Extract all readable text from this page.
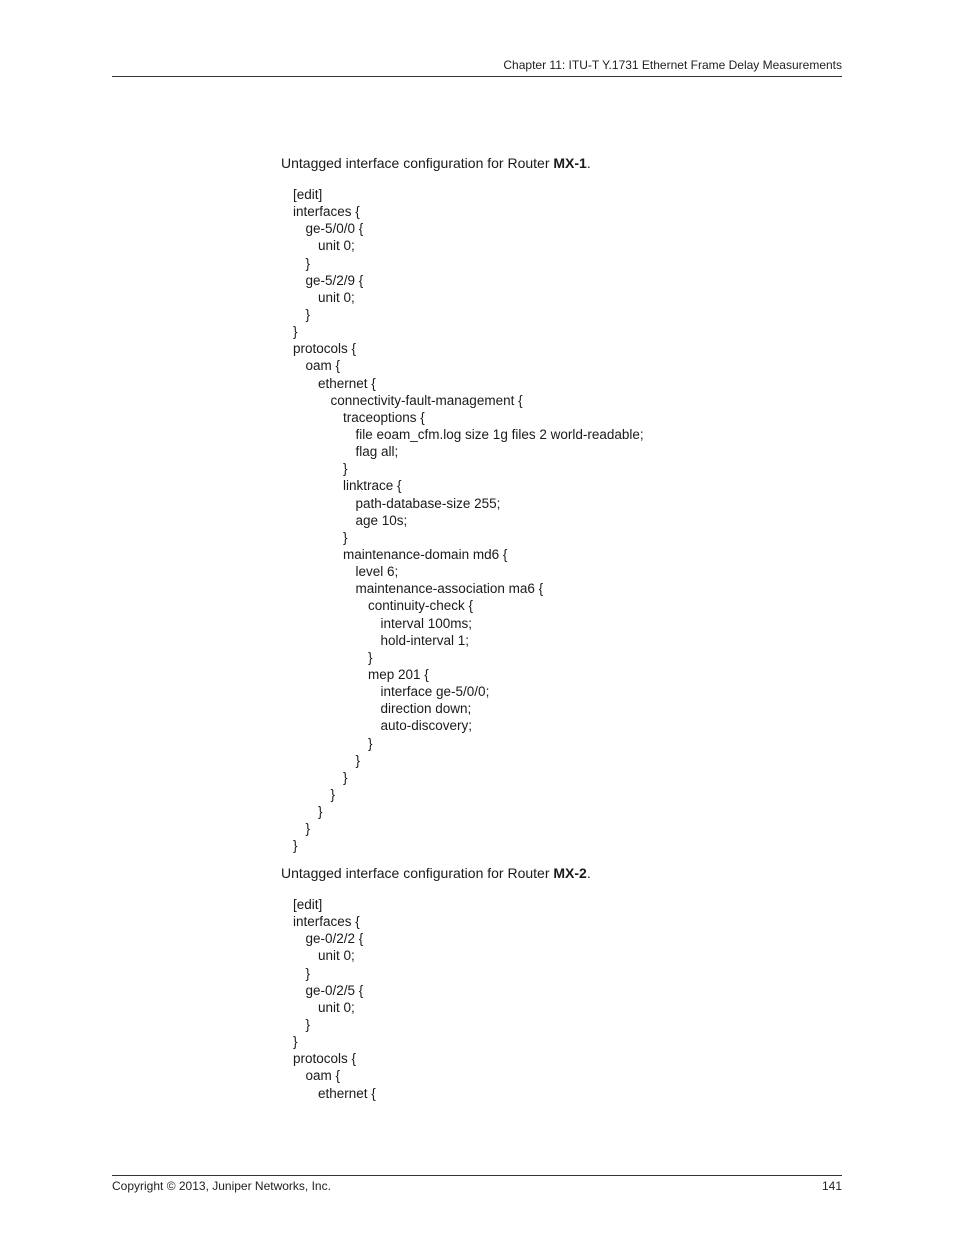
Chapter 11: ITU-T Y.1731 Ethernet Frame Delay Measurements

Untagged interface configuration for Router MX-1.

[edit]
interfaces {
ge-5/0/0 {
unit 0;
}
ge-5/2/9 {
unit 0;
}
}
protocols {
oam {
ethernet {
connectivity-fault-management {
traceoptions {
file eoam_cfm.log size 1g files 2 world-readable;
flag all;
}
linktrace {
path-database-size 255;
age 10s;
}
maintenance-domain md6 {
level 6;
maintenance-association ma6 {
continuity-check {
interval 100ms;
hold-interval 1;
}
mep 201 {
interface ge-5/0/0;
direction down;
auto-discovery;
}
}
}
}
}
}
}

Untagged interface configuration for Router MX-2.

[edit]
interfaces {
ge-0/2/2 {
unit 0;
}
ge-0/2/5 {
unit 0;
}
}
protocols {
oam {
ethernet {
Copyright © 2013, Juniper Networks, Inc.	141
